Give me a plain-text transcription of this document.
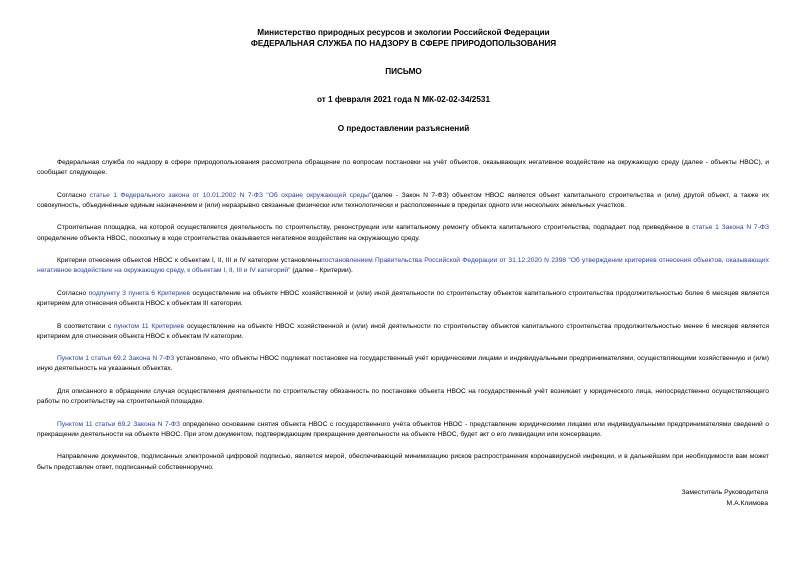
Министерство природных ресурсов и экологии Российской Федерации
ФЕДЕРАЛЬНАЯ СЛУЖБА ПО НАДЗОРУ В СФЕРЕ ПРИРОДОПОЛЬЗОВАНИЯ
ПИСЬМО
от 1 февраля 2021 года N МК-02-02-34/2531
О предоставлении разъяснений

Федеральная служба по надзору в сфере природопользования рассмотрела обращение по вопросам постановки на учёт объектов, оказывающих негативное воздействие на окружающую среду (далее - объекты НВОС), и сообщает следующее.

Согласно статье 1 Федерального закона от 10.01.2002 N 7-ФЗ "Об охране окружающей среды"(далее - Закон N 7-ФЗ) объектом НВОС является объект капитального строительства и (или) другой объект, а также их совокупность, объединённые единым назначением и (или) неразрывно связанные физически или технологически и расположенные в пределах одного или нескольких земельных участков.

Строительная площадка, на которой осуществляется деятельность по строительству, реконструкции или капитальному ремонту объекта капитального строительства, подпадает под приведённое в статье 1 Закона N 7-ФЗ определение объекта НВОС, поскольку в ходе строительства оказывается негативное воздействие на окружающую среду.

Критерии отнесения объектов НВОС к объектам I, II, III и IV категории установленыпостановлением Правительства Российской Федерации от 31.12.2020 N 2398 "Об утверждении критериев отнесения объектов, оказывающих негативное воздействие на окружающую среду, к объектам I, II, III и IV категорий" (далее - Критерии).

Согласно подпункту 3 пункта 6 Критериев осуществление на объекте НВОС хозяйственной и (или) иной деятельности по строительству объектов капитального строительства продолжительностью более 6 месяцев является критерием для отнесения объекта НВОС к объектам III категории.

В соответствии с пунктом 11 Критериев осуществление на объекте НВОС хозяйственной и (или) иной деятельности по строительству объектов капитального строительства продолжительностью менее 6 месяцев является критерием для отнесения объекта НВОС к объектам IV категории.

Пунктом 1 статьи 69.2 Закона N 7-ФЗ установлено, что объекты НВОС подлежат постановке на государственный учёт юридическими лицами и индивидуальными предпринимателями, осуществляющими хозяйственную и (или) иную деятельность на указанных объектах.

Для описанного в обращении случая осуществления деятельности по строительству обязанность по постановке объекта НВОС на государственный учёт возникает у юридического лица, непосредственно осуществляющего работы по строительству на строительной площадке.

Пунктом 11 статьи 69.2 Закона N 7-ФЗ определено основание снятия объекта НВОС с государственного учёта объектов НВОС - представление юридическими лицами или индивидуальными предпринимателями сведений о прекращении деятельности на объекте НВОС. При этом документом, подтверждающим прекращение деятельности на объекте НВОС, будет акт о его ликвидации или консервации.

Направление документов, подписанных электронной цифровой подписью, является мерой, обеспечивающей минимизацию рисков распространения коронавирусной инфекции, и в дальнейшем при необходимости вам может быть представлен ответ, подписанный собственноручно.

Заместитель Руководителя
М.А.Климова
